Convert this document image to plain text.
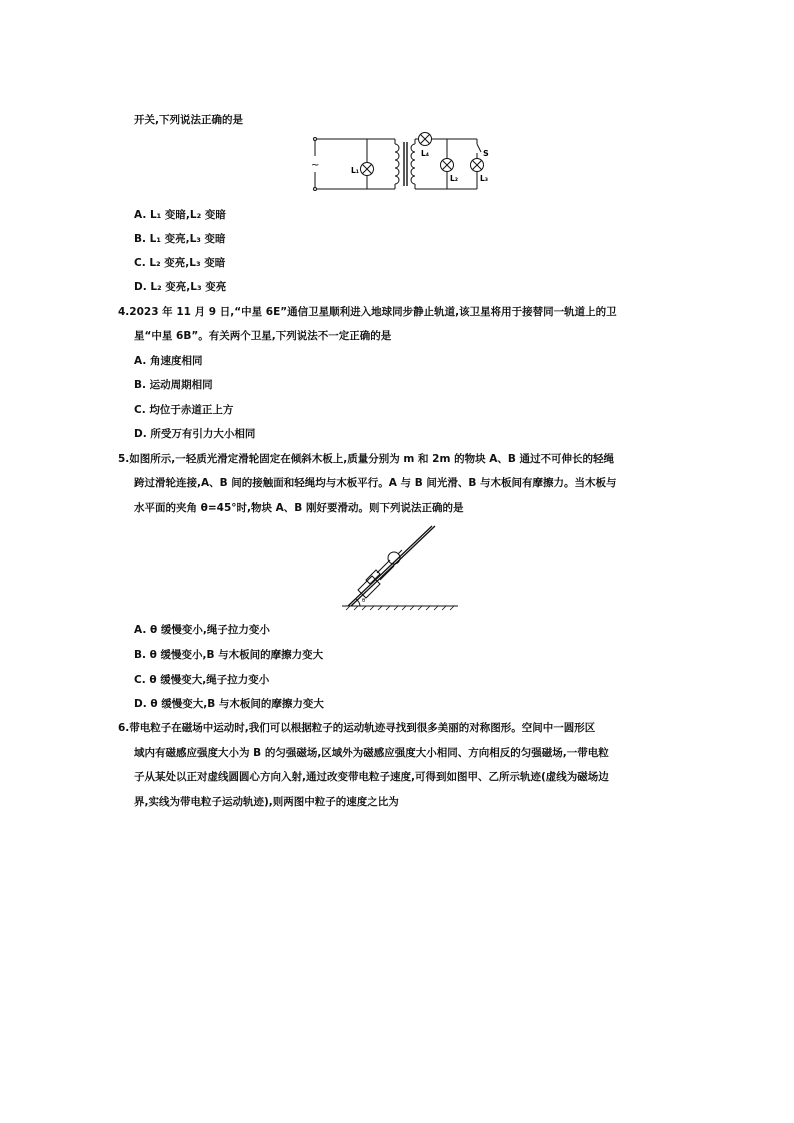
开关,下列说法正确的是
~	L₁
L₄
L₂	L₃
S
A. L₁ 变暗,L₂ 变暗
B. L₁ 变亮,L₃ 变暗
C. L₂ 变亮,L₃ 变暗
D. L₂ 变亮,L₃ 变亮
4.2023 年 11 月 9 日,“中星 6E”通信卫星顺利进入地球同步静止轨道,该卫星将用于接替同一轨道上的卫
星“中星 6B”。有关两个卫星,下列说法不一定正确的是
A. 角速度相同
B. 运动周期相同
C. 均位于赤道正上方
D. 所受万有引力大小相同
5.如图所示,一轻质光滑定滑轮固定在倾斜木板上,质量分别为 m 和 2m 的物块 A、B 通过不可伸长的轻绳
跨过滑轮连接,A、B 间的接触面和轻绳均与木板平行。A 与 B 间光滑、B 与木板间有摩擦力。当木板与
水平面的夹角 θ=45°时,物块 A、B 刚好要滑动。则下列说法正确的是
θ
A. θ 缓慢变小,绳子拉力变小
B. θ 缓慢变小,B 与木板间的摩擦力变大
C. θ 缓慢变大,绳子拉力变小
D. θ 缓慢变大,B 与木板间的摩擦力变大
6.带电粒子在磁场中运动时,我们可以根据粒子的运动轨迹寻找到很多美丽的对称图形。空间中一圆形区
域内有磁感应强度大小为 B 的匀强磁场,区域外为磁感应强度大小相同、方向相反的匀强磁场,一带电粒
子从某处以正对虚线圆圆心方向入射,通过改变带电粒子速度,可得到如图甲、乙所示轨迹(虚线为磁场边
界,实线为带电粒子运动轨迹),则两图中粒子的速度之比为
